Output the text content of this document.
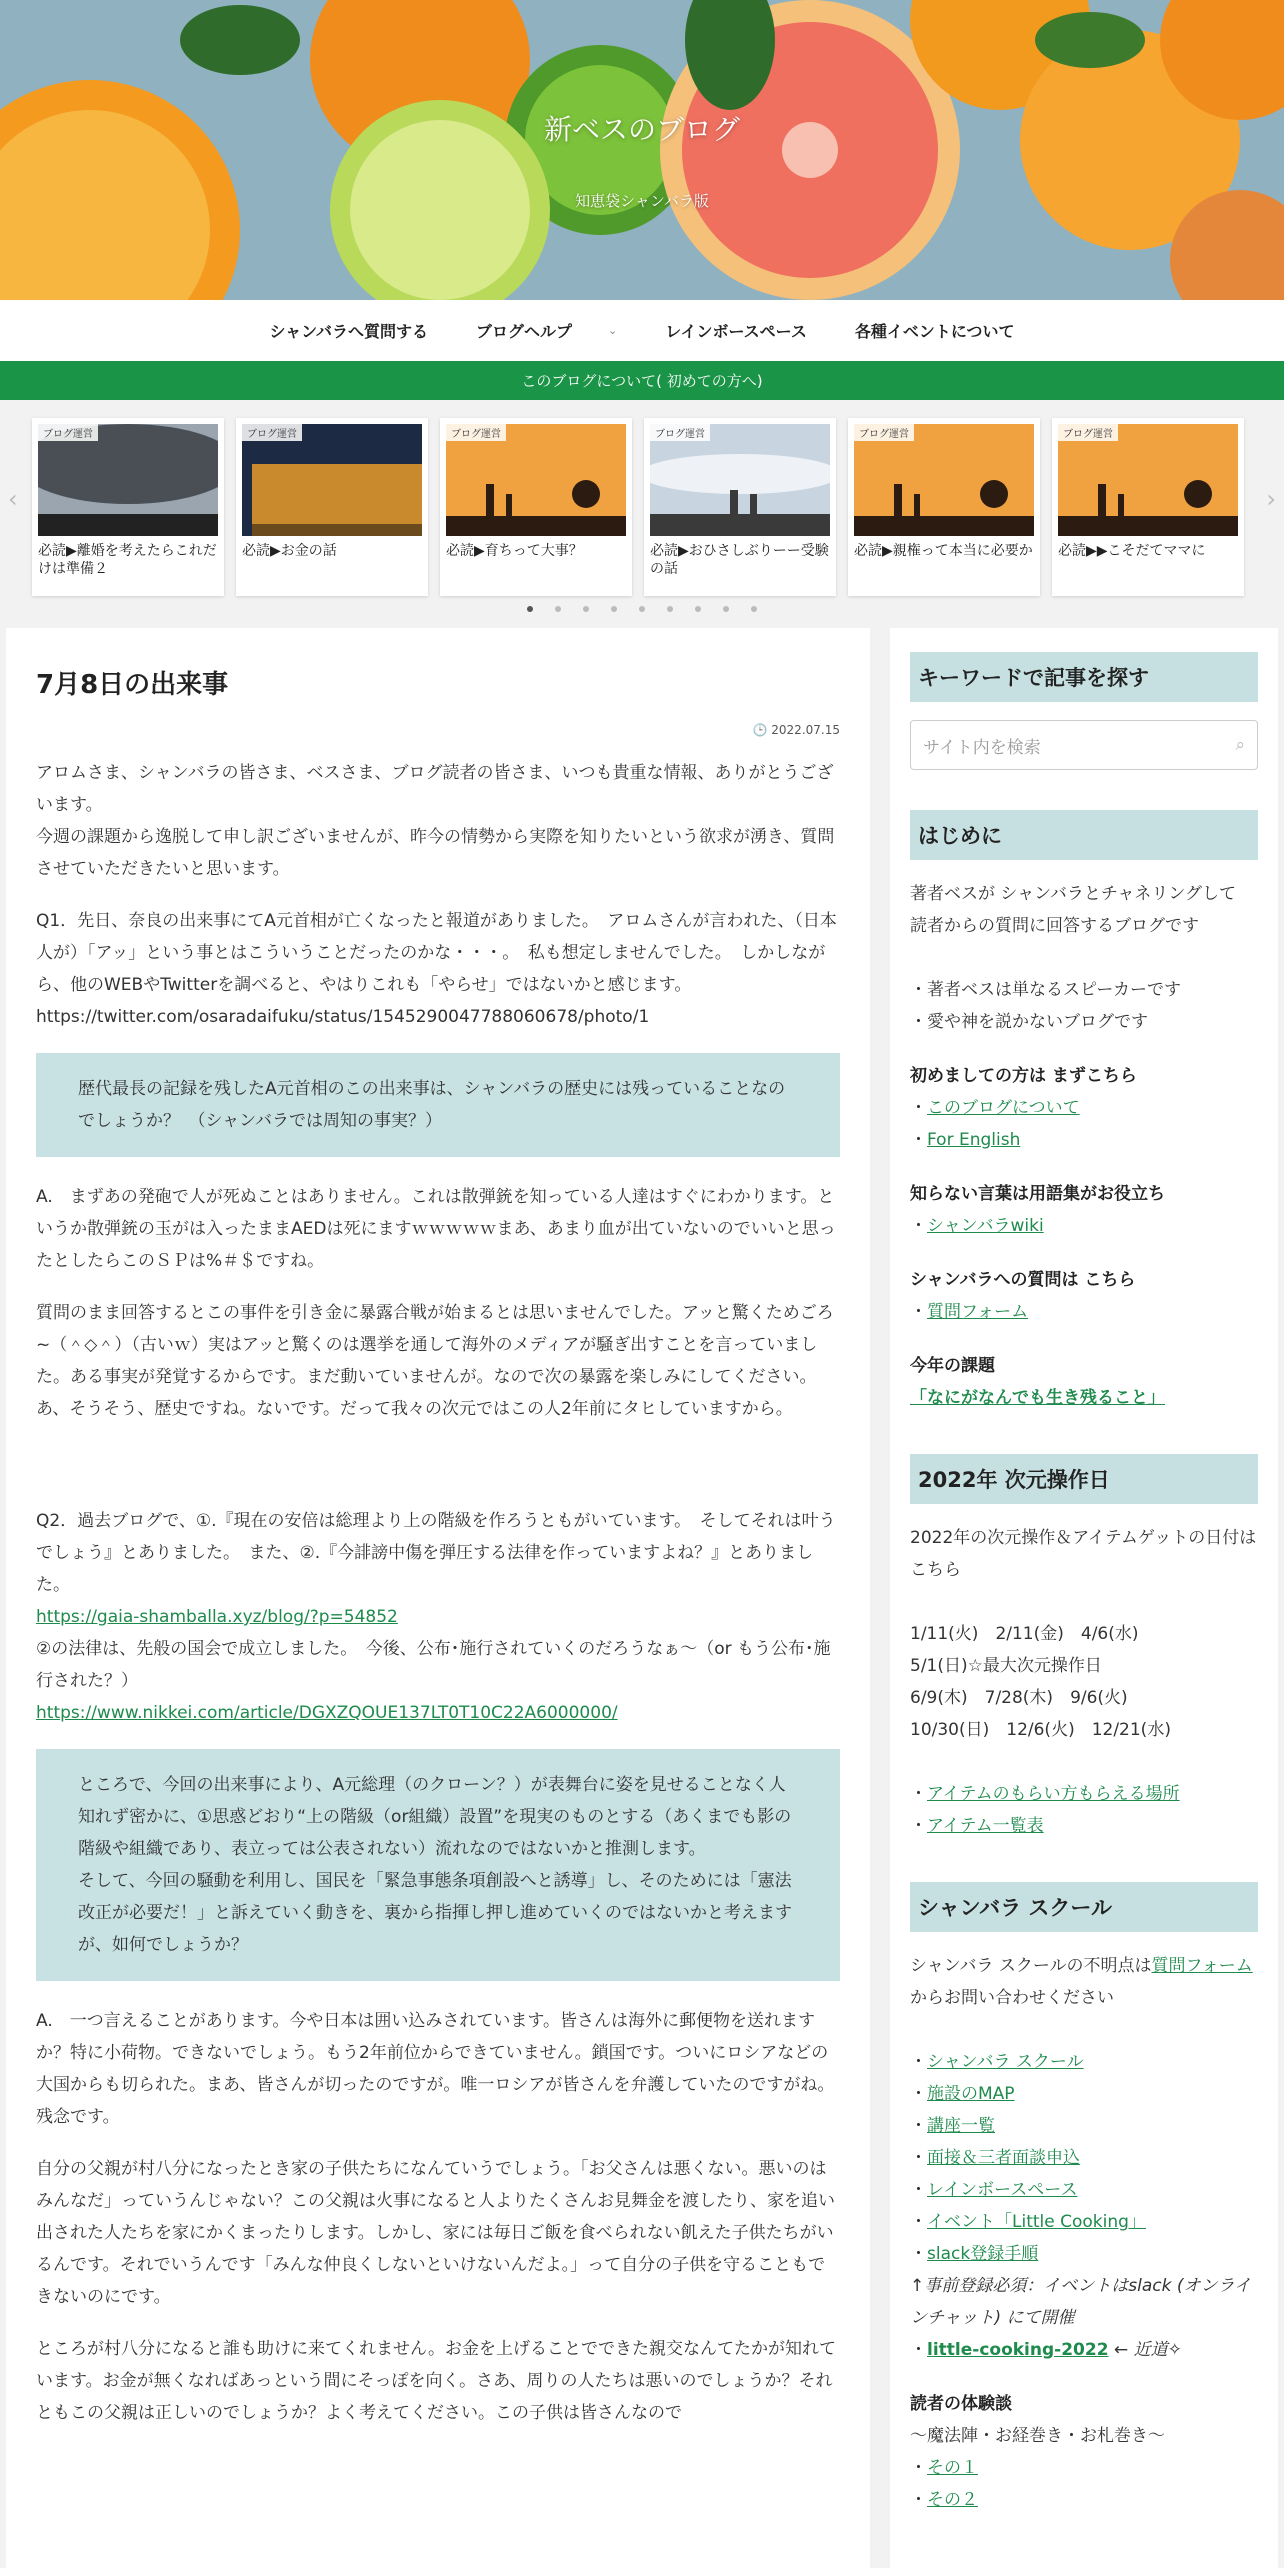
新ベスのブログ
知恵袋シャンバラ版
シャンバラへ質問する	ブログヘルプ	⌄	レインボースペース	各種イベントについて
このブログについて( 初めての方へ)
‹
ブログ運営
必読▶離婚を考えたらこれだけは準備２
ブログ運営
必読▶お金の話
ブログ運営
必読▶育ちって大事？
ブログ運営
必読▶おひさしぶりーー受験の話
ブログ運営
必読▶親権って本当に必要か
ブログ運営
必読▶▶こそだてママに
›
7月8日の出来事
🕒 2022.07.15

アロムさま、シャンバラの皆さま、ベスさま、ブログ読者の皆さま、いつも貴重な情報、ありがとうございます。
今週の課題から逸脱して申し訳ございませんが、昨今の情勢から実際を知りたいという欲求が湧き、質問させていただきたいと思います。

Q1．先日、奈良の出来事にてA元首相が亡くなったと報道がありました。　アロムさんが言われた、（日本人が）「アッ」という事とはこういうことだったのかな・・・。　私も想定しませんでした。　しかしながら、他のWEBやTwitterを調べると、やはりこれも「やらせ」ではないかと感じます。
https://twitter.com/osaradaifuku/status/1545290047788060678/photo/1

歴代最長の記録を残したA元首相のこの出来事は、シャンバラの歴史には残っていることなのでしょうか？　（シャンバラでは周知の事実？）

A.　まずあの発砲で人が死ぬことはありません。これは散弾銃を知っている人達はすぐにわかります。というか散弾銃の玉がは入ったままAEDは死にますｗｗｗｗｗまあ、あまり血が出ていないのでいいと思ったとしたらこのＳＰは%＃＄ですね。

質問のまま回答するとこの事件を引き金に暴露合戦が始まるとは思いませんでした。アッと驚くためごろ~（＾◇＾）（古いｗ）実はアッと驚くのは選挙を通して海外のメディアが騒ぎ出すことを言っていました。ある事実が発覚するからです。まだ動いていませんが。なので次の暴露を楽しみにしてください。あ、そうそう、歴史ですね。ないです。だって我々の次元ではこの人2年前にタヒしていますから。

Q2．過去ブログで、①.『現在の安倍は総理より上の階級を作ろうともがいています。　そしてそれは叶うでしょう』とありました。　また、②.『今誹謗中傷を弾圧する法律を作っていますよね？』とありました。
https://gaia-shamballa.xyz/blog/?p=54852
②の法律は、先般の国会で成立しました。　今後、公布･施行されていくのだろうなぁ～（or もう公布･施行された？）
https://www.nikkei.com/article/DGXZQOUE137LT0T10C22A6000000/

ところで、今回の出来事により、A元総理（のクローン？）が表舞台に姿を見せることなく人知れず密かに、①思惑どおり“上の階級（or組織）設置”を現実のものとする（あくまでも影の階級や組織であり、表立っては公表されない）流れなのではないかと推測します。
そして、今回の騒動を利用し、国民を「緊急事態条項創設へと誘導」し、そのためには「憲法改正が必要だ！」と訴えていく動きを、裏から指揮し押し進めていくのではないかと考えますが、如何でしょうか？

A.　一つ言えることがあります。今や日本は囲い込みされています。皆さんは海外に郵便物を送れますか？特に小荷物。できないでしょう。もう2年前位からできていません。鎖国です。ついにロシアなどの大国からも切られた。まあ、皆さんが切ったのですが。唯一ロシアが皆さんを弁護していたのですがね。残念です。

自分の父親が村八分になったとき家の子供たちになんていうでしょう。「お父さんは悪くない。悪いのはみんなだ」っていうんじゃない？この父親は火事になると人よりたくさんお見舞金を渡したり、家を追い出された人たちを家にかくまったりします。しかし、家には毎日ご飯を食べられない飢えた子供たちがいるんです。それでいうんです「みんな仲良くしないといけないんだよ。」って自分の子供を守ることもできないのにです。

ところが村八分になると誰も助けに来てくれません。お金を上げることでできた親交なんてたかが知れています。お金が無くなればあっという間にそっぽを向く。さあ、周りの人たちは悪いのでしょうか？それともこの父親は正しいのでしょうか？よく考えてください。この子供は皆さんなので

キーワードで記事を探す
サイト内を検索	⌕
はじめに

著者ベスが シャンバラとチャネリングして 読者からの質問に回答するブログです

・著者ベスは単なるスピーカーです

・愛や神を説かないブログです

初めましての方は まずこちら

・このブログについて

・For English

知らない言葉は用語集がお役立ち

・シャンバラwiki

シャンバラへの質問は こちら

・質問フォーム

今年の課題

「なにがなんでも生き残ること」

2022年 次元操作日

2022年の次元操作＆アイテムゲットの日付はこちら

1/11(火)　2/11(金)　4/6(水)

5/1(日)☆最大次元操作日

6/9(木)　7/28(木)　9/6(火)

10/30(日)　12/6(火)　12/21(水)

・アイテムのもらい方もらえる場所

・アイテム一覧表

シャンバラ スクール

シャンバラ スクールの不明点は質問フォームからお問い合わせください

・シャンバラ スクール

・施設のMAP

・講座一覧

・面接＆三者面談申込

・レインボースペース

・イベント「Little Cooking」

・slack登録手順

↑事前登録必須：イベントはslack (オンラインチャット) にて開催

・little-cooking-2022 ← 近道✧

読者の体験談

〜魔法陣・お経巻き・お札巻き〜

・その１

・その２
